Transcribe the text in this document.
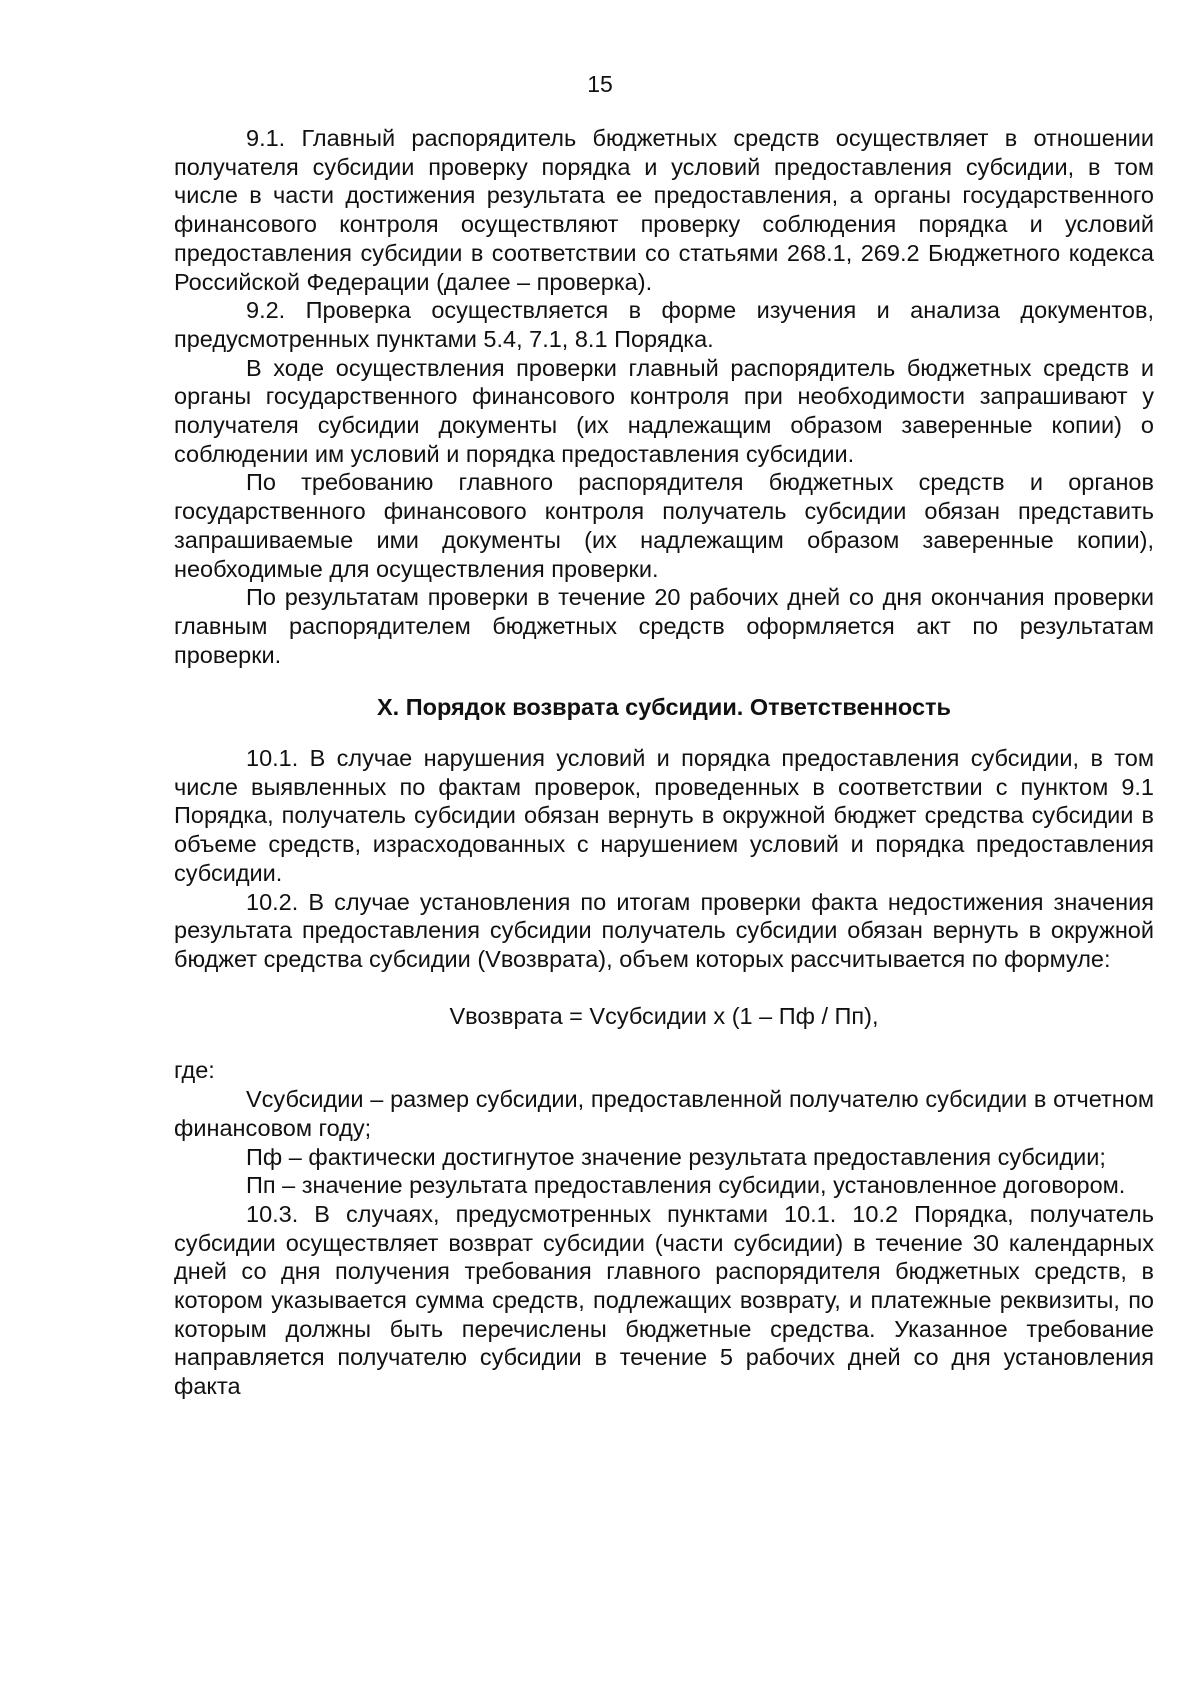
15

9.1. Главный распорядитель бюджетных средств осуществляет в отношении получателя субсидии проверку порядка и условий предоставления субсидии, в том числе в части достижения результата ее предоставления, а органы государственного финансового контроля осуществляют проверку соблюдения порядка и условий предоставления субсидии в соответствии со статьями 268.1, 269.2 Бюджетного кодекса Российской Федерации (далее – проверка).

9.2. Проверка осуществляется в форме изучения и анализа документов, предусмотренных пунктами 5.4, 7.1, 8.1 Порядка.

В ходе осуществления проверки главный распорядитель бюджетных средств и органы государственного финансового контроля при необходимости запрашивают у получателя субсидии документы (их надлежащим образом заверенные копии) о соблюдении им условий и порядка предоставления субсидии.

По требованию главного распорядителя бюджетных средств и органов государственного финансового контроля получатель субсидии обязан представить запрашиваемые ими документы (их надлежащим образом заверенные копии), необходимые для осуществления проверки.

По результатам проверки в течение 20 рабочих дней со дня окончания проверки главным распорядителем бюджетных средств оформляется акт по результатам проверки.

X. Порядок возврата субсидии. Ответственность

10.1. В случае нарушения условий и порядка предоставления субсидии, в том числе выявленных по фактам проверок, проведенных в соответствии с пунктом 9.1 Порядка, получатель субсидии обязан вернуть в окружной бюджет средства субсидии в объеме средств, израсходованных с нарушением условий и порядка предоставления субсидии.

10.2. В случае установления по итогам проверки факта недостижения значения результата предоставления субсидии получатель субсидии обязан вернуть в окружной бюджет средства субсидии (Vвозврата), объем которых рассчитывается по формуле:

Vвозврата = Vсубсидии x (1 – Пф / Пп),

где:

Vсубсидии – размер субсидии, предоставленной получателю субсидии в отчетном финансовом году;

Пф – фактически достигнутое значение результата предоставления субсидии;

Пп – значение результата предоставления субсидии, установленное договором.

10.3. В случаях, предусмотренных пунктами 10.1. 10.2 Порядка, получатель субсидии осуществляет возврат субсидии (части субсидии) в течение 30 календарных дней со дня получения требования главного распорядителя бюджетных средств, в котором указывается сумма средств, подлежащих возврату, и платежные реквизиты, по которым должны быть перечислены бюджетные средства. Указанное требование направляется получателю субсидии в течение 5 рабочих дней со дня установления факта
